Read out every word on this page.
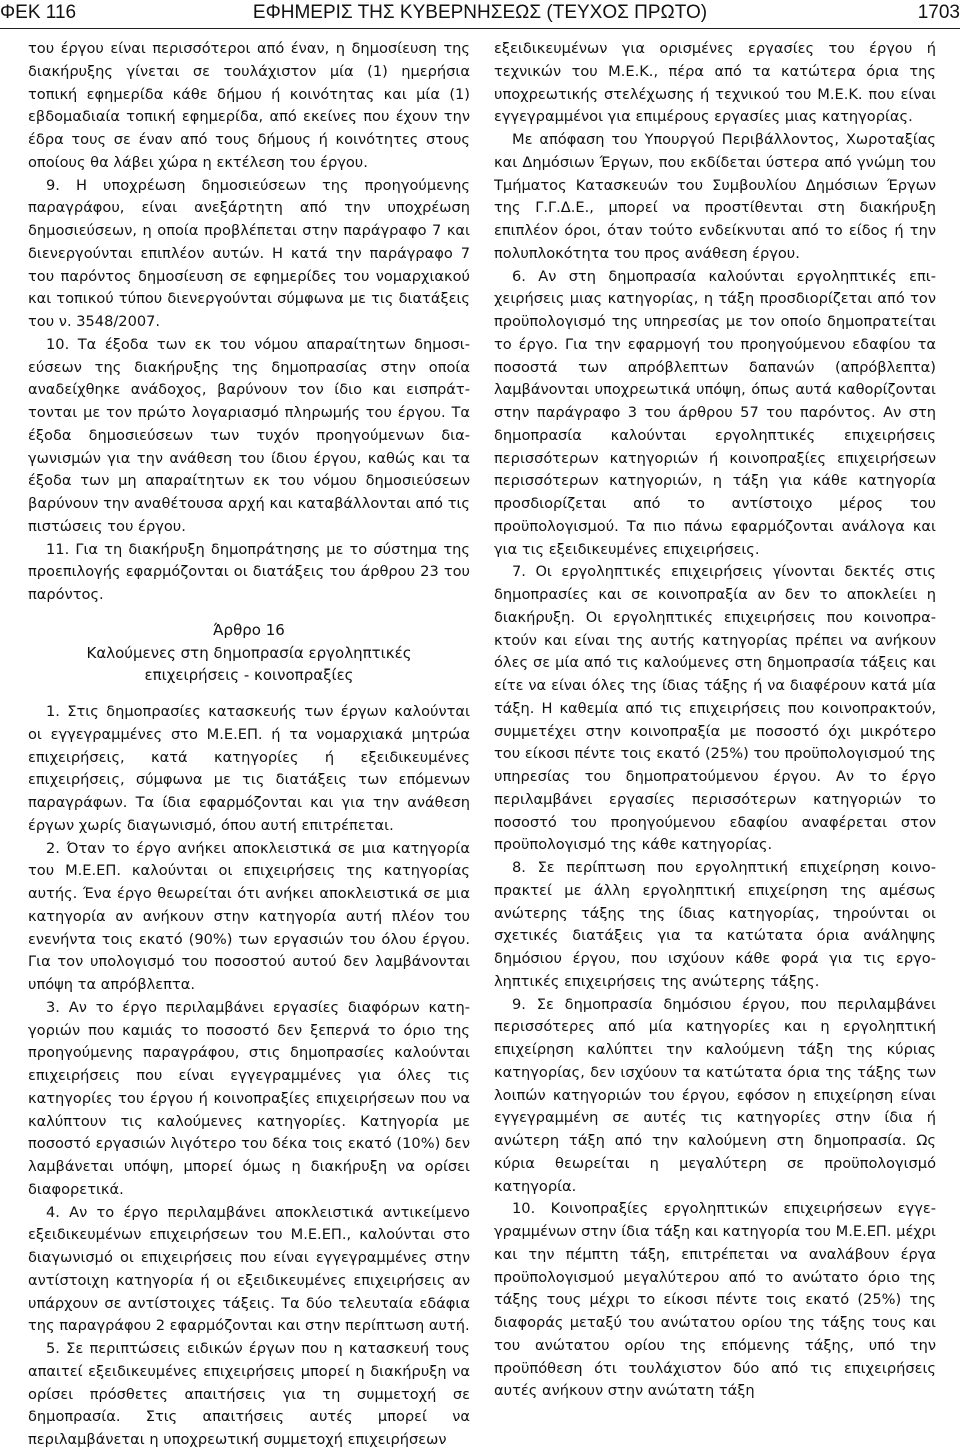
ΕΦΗΜΕΡΙΣ ΤΗΣ ΚΥΒΕΡΝΗΣΕΩΣ (ΤΕΥΧΟΣ ΠΡΩΤΟ)
ΦΕΚ 116	1703

του έργου είναι περισσότεροι από έναν, η δημοσίευση της διακήρυξης γίνεται σε τουλάχιστον μία (1) ημερήσια τοπική εφημερίδα κάθε δήμου ή κοινότητας και μία (1) εβδομαδιαία τοπική εφημερίδα, από εκείνες που έχουν την έδρα τους σε έναν από τους δήμους ή κοινότητες στους οποίους θα λάβει χώρα η εκτέλεση του έργου.

9. Η υποχρέωση δημοσιεύσεων της προηγούμενης παραγράφου, είναι ανεξάρτητη από την υποχρέωση δημοσιεύσεων, η οποία προβλέπεται στην παράγραφο 7 και διενεργούνται επιπλέον αυτών. Η κατά την παράγραφο 7 του παρόντος δημοσίευση σε εφημερίδες του νομαρχιακού και τοπικού τύπου διενεργούνται σύμφωνα με τις διατάξεις του ν. 3548/2007.

10. Τα έξοδα των εκ του νόμου απαραίτητων δημοσιεύσεων της διακήρυξης της δημοπρασίας στην οποία αναδείχθηκε ανάδοχος, βαρύνουν τον ίδιο και εισπράττονται με τον πρώτο λογαριασμό πληρωμής του έργου. Τα έξοδα δημοσιεύσεων των τυχόν προηγούμενων διαγωνισμών για την ανάθεση του ίδιου έργου, καθώς και τα έξοδα των μη απαραίτητων εκ του νόμου δημοσιεύσεων βαρύνουν την αναθέτουσα αρχή και καταβάλλονται από τις πιστώσεις του έργου.

11. Για τη διακήρυξη δημοπράτησης με το σύστημα της προεπιλογής εφαρμόζονται οι διατάξεις του άρθρου 23 του παρόντος.

Άρθρο 16
Καλούμενες στη δημοπρασία εργοληπτικές
επιχειρήσεις - κοινοπραξίες

1. Στις δημοπρασίες κατασκευής των έργων καλούνται οι εγγεγραμμένες στο Μ.Ε.ΕΠ. ή τα νομαρχιακά μητρώα επιχειρήσεις, κατά κατηγορίες ή εξειδικευμένες επιχειρήσεις, σύμφωνα με τις διατάξεις των επόμενων παραγράφων. Τα ίδια εφαρμόζονται και για την ανάθεση έργων χωρίς διαγωνισμό, όπου αυτή επιτρέπεται.

2. Όταν το έργο ανήκει αποκλειστικά σε μια κατηγορία του Μ.Ε.ΕΠ. καλούνται οι επιχειρήσεις της κατηγορίας αυτής. Ένα έργο θεωρείται ότι ανήκει αποκλειστικά σε μια κατηγορία αν ανήκουν στην κατηγορία αυτή πλέον του ενενήντα τοις εκατό (90%) των εργασιών του όλου έργου. Για τον υπολογισμό του ποσοστού αυτού δεν λαμβάνονται υπόψη τα απρόβλεπτα.

3. Αν το έργο περιλαμβάνει εργασίες διαφόρων κατηγοριών που καμιάς το ποσοστό δεν ξεπερνά το όριο της προηγούμενης παραγράφου, στις δημοπρασίες καλούνται επιχειρήσεις που είναι εγγεγραμμένες για όλες τις κατηγορίες του έργου ή κοινοπραξίες επιχειρήσεων που να καλύπτουν τις καλούμενες κατηγορίες. Κατηγορία με ποσοστό εργασιών λιγότερο του δέκα τοις εκατό (10%) δεν λαμβάνεται υπόψη, μπορεί όμως η διακήρυξη να ορίσει διαφορετικά.

4. Αν το έργο περιλαμβάνει αποκλειστικά αντικείμενο εξειδικευμένων επιχειρήσεων του Μ.Ε.ΕΠ., καλούνται στο διαγωνισμό οι επιχειρήσεις που είναι εγγεγραμμένες στην αντίστοιχη κατηγορία ή οι εξειδικευμένες επιχειρήσεις αν υπάρχουν σε αντίστοιχες τάξεις. Τα δύο τελευταία εδάφια της παραγράφου 2 εφαρμόζονται και στην περίπτωση αυτή.

5. Σε περιπτώσεις ειδικών έργων που η κατασκευή τους απαιτεί εξειδικευμένες επιχειρήσεις μπορεί η διακήρυξη να ορίσει πρόσθετες απαιτήσεις για τη συμμετοχή σε δημοπρασία. Στις απαιτήσεις αυτές μπορεί να περιλαμβάνεται η υποχρεωτική συμμετοχή επιχειρήσεων

εξειδικευμένων για ορισμένες εργασίες του έργου ή τεχνικών του Μ.Ε.Κ., πέρα από τα κατώτερα όρια της υποχρεωτικής στελέχωσης ή τεχνικού του Μ.Ε.Κ. που είναι εγγεγραμμένοι για επιμέρους εργασίες μιας κατηγορίας.

Με απόφαση του Υπουργού Περιβάλλοντος, Χωροταξίας και Δημόσιων Έργων, που εκδίδεται ύστερα από γνώμη του Τμήματος Κατασκευών του Συμβουλίου Δημόσιων Έργων της Γ.Γ.Δ.Ε., μπορεί να προστίθενται στη διακήρυξη επιπλέον όροι, όταν τούτο ενδείκνυται από το είδος ή την πολυπλοκότητα του προς ανάθεση έργου.

6. Αν στη δημοπρασία καλούνται εργοληπτικές επιχειρήσεις μιας κατηγορίας, η τάξη προσδιορίζεται από τον προϋπολογισμό της υπηρεσίας με τον οποίο δημοπρατείται το έργο. Για την εφαρμογή του προηγούμενου εδαφίου τα ποσοστά των απρόβλεπτων δαπανών (απρόβλεπτα) λαμβάνονται υποχρεωτικά υπόψη, όπως αυτά καθορίζονται στην παράγραφο 3 του άρθρου 57 του παρόντος. Αν στη δημοπρασία καλούνται εργοληπτικές επιχειρήσεις περισσότερων κατηγοριών ή κοινοπραξίες επιχειρήσεων περισσότερων κατηγοριών, η τάξη για κάθε κατηγορία προσδιορίζεται από το αντίστοιχο μέρος του προϋπολογισμού. Τα πιο πάνω εφαρμόζονται ανάλογα και για τις εξειδικευμένες επιχειρήσεις.

7. Οι εργοληπτικές επιχειρήσεις γίνονται δεκτές στις δημοπρασίες και σε κοινοπραξία αν δεν το αποκλείει η διακήρυξη. Οι εργοληπτικές επιχειρήσεις που κοινοπρακτούν και είναι της αυτής κατηγορίας πρέπει να ανήκουν όλες σε μία από τις καλούμενες στη δημοπρασία τάξεις και είτε να είναι όλες της ίδιας τάξης ή να διαφέρουν κατά μία τάξη. Η καθεμία από τις επιχειρήσεις που κοινοπρακτούν, συμμετέχει στην κοινοπραξία με ποσοστό όχι μικρότερο του είκοσι πέντε τοις εκατό (25%) του προϋπολογισμού της υπηρεσίας του δημοπρατούμενου έργου. Αν το έργο περιλαμβάνει εργασίες περισσότερων κατηγοριών το ποσοστό του προηγούμενου εδαφίου αναφέρεται στον προϋπολογισμό της κάθε κατηγορίας.

8. Σε περίπτωση που εργοληπτική επιχείρηση κοινοπρακτεί με άλλη εργοληπτική επιχείρηση της αμέσως ανώτερης τάξης της ίδιας κατηγορίας, τηρούνται οι σχετικές διατάξεις για τα κατώτατα όρια ανάληψης δημόσιου έργου, που ισχύουν κάθε φορά για τις εργοληπτικές επιχειρήσεις της ανώτερης τάξης.

9. Σε δημοπρασία δημόσιου έργου, που περιλαμβάνει περισσότερες από μία κατηγορίες και η εργοληπτική επιχείρηση καλύπτει την καλούμενη τάξη της κύριας κατηγορίας, δεν ισχύουν τα κατώτατα όρια της τάξης των λοιπών κατηγοριών του έργου, εφόσον η επιχείρηση είναι εγγεγραμμένη σε αυτές τις κατηγορίες στην ίδια ή ανώτερη τάξη από την καλούμενη στη δημοπρασία. Ως κύρια θεωρείται η μεγαλύτερη σε προϋπολογισμό κατηγορία.

10. Κοινοπραξίες εργοληπτικών επιχειρήσεων εγγεγραμμένων στην ίδια τάξη και κατηγορία του Μ.Ε.ΕΠ. μέχρι και την πέμπτη τάξη, επιτρέπεται να αναλάβουν έργα προϋπολογισμού μεγαλύτερου από το ανώτατο όριο της τάξης τους μέχρι το είκοσι πέντε τοις εκατό (25%) της διαφοράς μεταξύ του ανώτατου ορίου της τάξης τους και του ανώτατου ορίου της επόμενης τάξης, υπό την προϋπόθεση ότι τουλάχιστον δύο από τις επιχειρήσεις αυτές ανήκουν στην ανώτατη τάξη
